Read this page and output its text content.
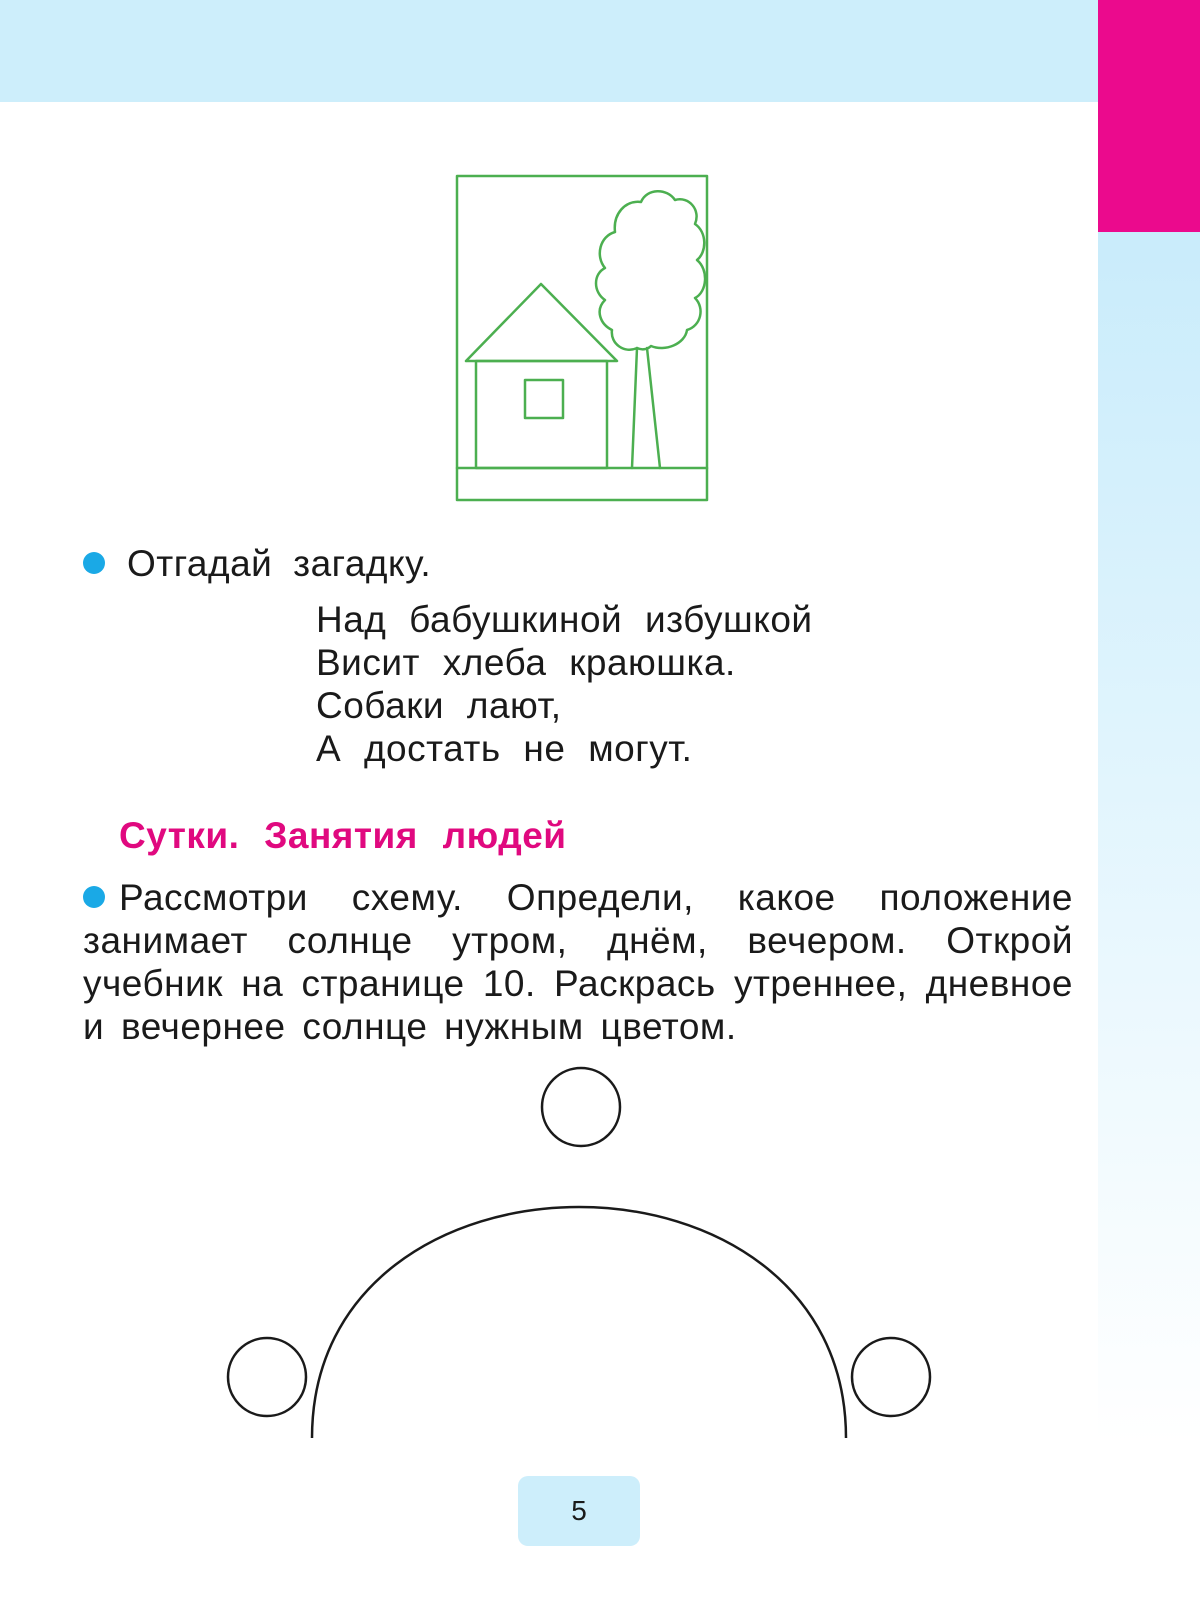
Отгадай загадку.
Над бабушкиной избушкой
Висит хлеба краюшка.
Собаки лают,
А достать не могут.
Сутки. Занятия людей
Рассмотри схему. Определи, какое положение занимает солнце утром, днём, вечером. Открой учебник на странице 10. Раскрась утреннее, дневное и вечернее солнце нужным цветом.
5
